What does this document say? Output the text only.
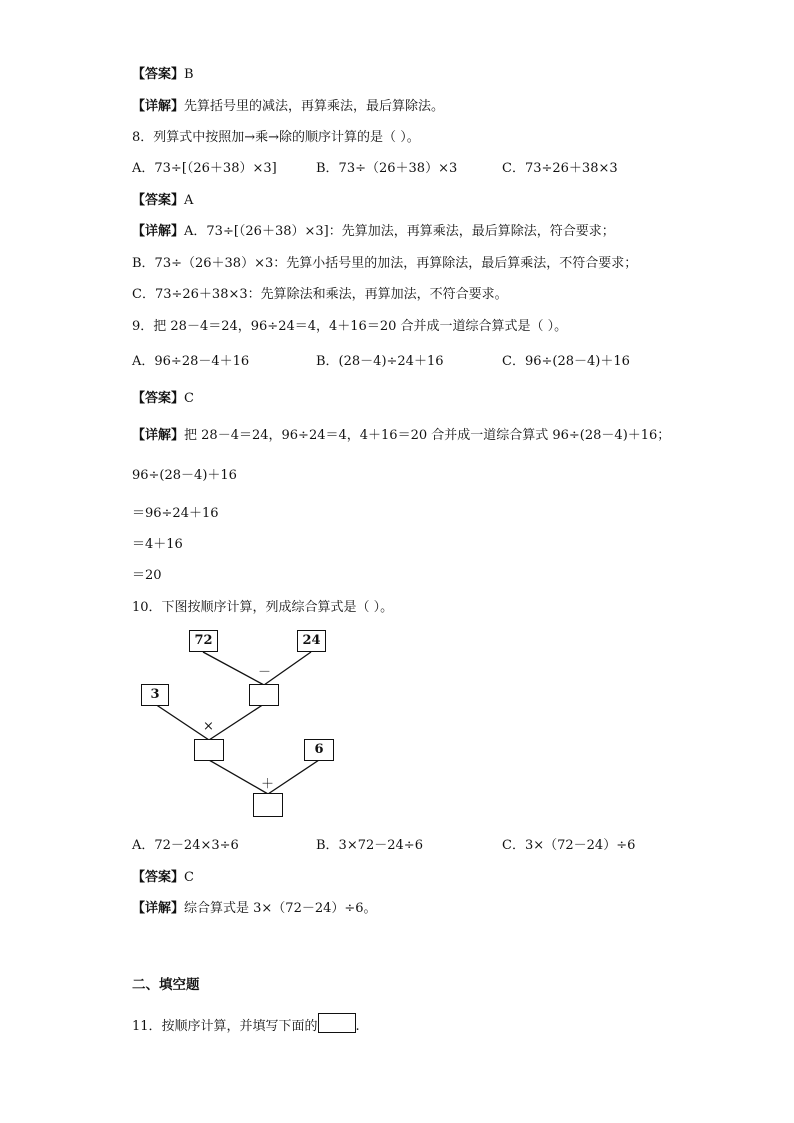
【答案】B
【详解】先算括号里的减法，再算乘法，最后算除法。
8．列算式中按照加→乘→除的顺序计算的是（ ）。
A．73÷[（26＋38）×3]	B．73÷（26＋38）×3	C．73÷26＋38×3
【答案】A
【详解】A．73÷[（26＋38）×3]：先算加法，再算乘法，最后算除法，符合要求；
B．73÷（26＋38）×3：先算小括号里的加法，再算除法，最后算乘法，不符合要求；
C．73÷26＋38×3：先算除法和乘法，再算加法，不符合要求。
9．把 28－4＝24，96÷24＝4，4＋16＝20 合并成一道综合算式是（ ）。
A．96÷28－4＋16	B．(28－4)÷24＋16	C．96÷(28－4)＋16
【答案】C
【详解】把 28－4＝24，96÷24＝4，4＋16＝20 合并成一道综合算式 96÷(28－4)＋16；
96÷(28－4)＋16
＝96÷24＋16
＝4＋16
＝20
10．下图按顺序计算，列成综合算式是（ ）。
72	24
－
3
×
6
＋
A．72－24×3÷6	B．3×72－24÷6	C．3×（72－24）÷6
【答案】C
【详解】综合算式是 3×（72－24）÷6。
二、填空题
11．按顺序计算，并填写下面的	.
